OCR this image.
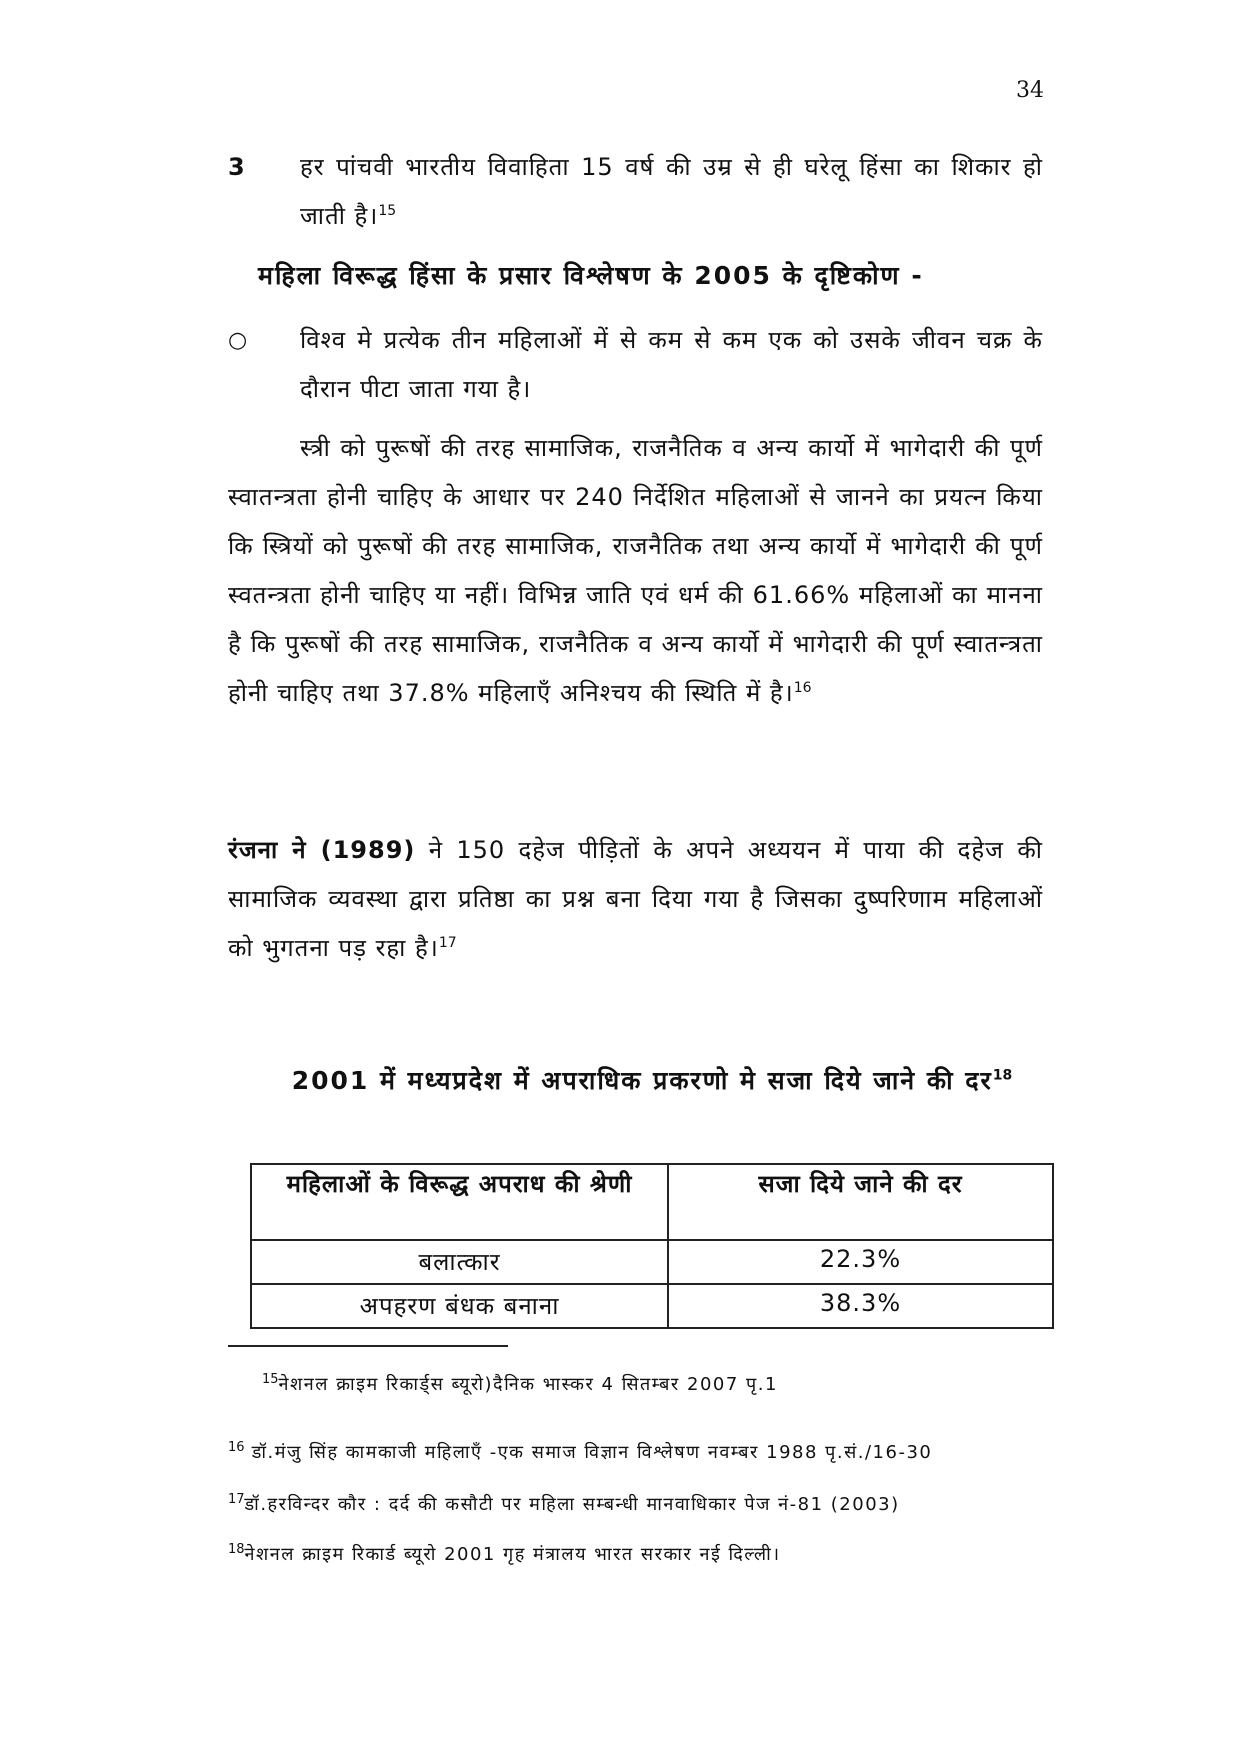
34
3	हर पांचवी भारतीय विवाहिता 15 वर्ष की उम्र से ही घरेलू हिंसा का शिकार हो जाती है।$^{15}$
महिला विरूद्ध हिंसा के प्रसार विश्लेषण के 2005 के दृष्टिकोण -
○	विश्व मे प्रत्येक तीन महिलाओं में से कम से कम एक को उसके जीवन चक्र के दौरान पीटा जाता गया है।
स्त्री को पुरूषों की तरह सामाजिक, राजनैतिक व अन्य कार्यो में भागेदारी की पूर्ण स्वातन्त्रता होनी चाहिए के आधार पर 240 निर्देशित महिलाओं से जानने का प्रयत्न किया कि स्त्रियों को पुरूषों की तरह सामाजिक, राजनैतिक तथा अन्य कार्यो में भागेदारी की पूर्ण स्वतन्त्रता होनी चाहिए या नहीं। विभिन्न जाति एवं धर्म की 61.66% महिलाओं का मानना है कि पुरूषों की तरह सामाजिक, राजनैतिक व अन्य कार्यो में भागेदारी की पूर्ण स्वातन्त्रता होनी चाहिए तथा 37.8% महिलाएँ अनिश्चय की स्थिति में है।$^{16}$
रंजना ने (1989) ने 150 दहेज पीड़ितों के अपने अध्ययन में पाया की दहेज की सामाजिक व्यवस्था द्वारा प्रतिष्ठा का प्रश्न बना दिया गया है जिसका दुष्परिणाम महिलाओं को भुगतना पड़ रहा है।$^{17}$
2001 में मध्यप्रदेश में अपराधिक प्रकरणो मे सजा दिये जाने की दर$^{18}$
महिलाओं के विरूद्ध अपराध की श्रेणी	सजा दिये जाने की दर
बलात्कार	22.3%
अपहरण बंधक बनाना	38.3%
$^{15}$नेशनल क्राइम रिकार्ड्स ब्यूरो)दैनिक भास्कर 4 सितम्बर 2007 पृ.1
$^{16}$ डॉ.मंजु सिंह कामकाजी महिलाएँ -एक समाज विज्ञान विश्लेषण नवम्बर 1988 पृ.सं./16-30
$^{17}$डॉ.हरविन्दर कौर : दर्द की कसौटी पर महिला सम्बन्धी मानवाधिकार पेज नं-81 (2003)
$^{18}$नेशनल क्राइम रिकार्ड ब्यूरो 2001 गृह मंत्रालय भारत सरकार नई दिल्ली।
